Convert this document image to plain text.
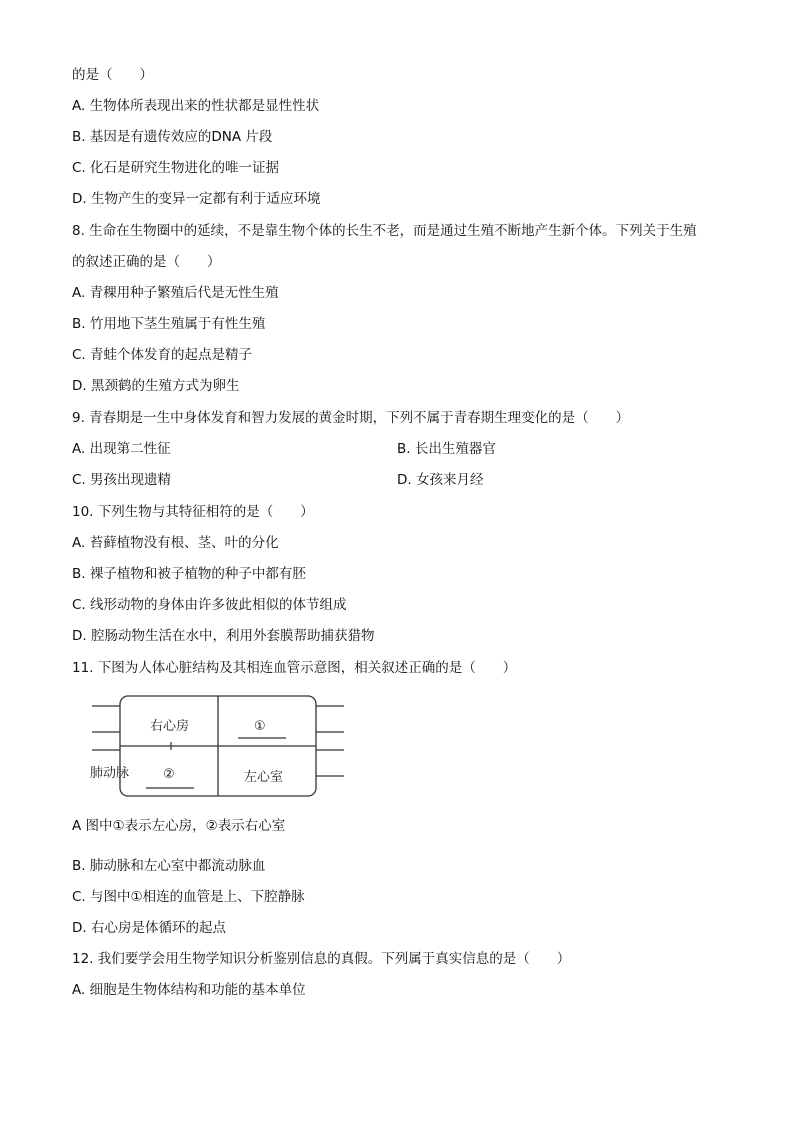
的是（　　）
A. 生物体所表现出来的性状都是显性性状
B. 基因是有遗传效应的DNA 片段
C. 化石是研究生物进化的唯一证据
D. 生物产生的变异一定都有利于适应环境
8. 生命在生物圈中的延续，不是靠生物个体的长生不老，而是通过生殖不断地产生新个体。下列关于生殖
的叙述正确的是（　　）
A. 青稞用种子繁殖后代是无性生殖
B. 竹用地下茎生殖属于有性生殖
C. 青蛙个体发育的起点是精子
D. 黑颈鹤的生殖方式为卵生
9. 青春期是一生中身体发育和智力发展的黄金时期，下列不属于青春期生理变化的是（　　）
A. 出现第二性征	B. 长出生殖器官
C. 男孩出现遗精	D. 女孩来月经
10. 下列生物与其特征相符的是（　　）
A. 苔藓植物没有根、茎、叶的分化
B. 裸子植物和被子植物的种子中都有胚
C. 线形动物的身体由许多彼此相似的体节组成
D. 腔肠动物生活在水中，利用外套膜帮助捕获猎物
11. 下图为人体心脏结构及其相连血管示意图，相关叙述正确的是（　　）
右心房	①
肺动脉	②	左心室
A 图中①表示左心房，②表示右心室
B. 肺动脉和左心室中都流动脉血
C. 与图中①相连的血管是上、下腔静脉
D. 右心房是体循环的起点
12. 我们要学会用生物学知识分析鉴别信息的真假。下列属于真实信息的是（　　）
A. 细胞是生物体结构和功能的基本单位
